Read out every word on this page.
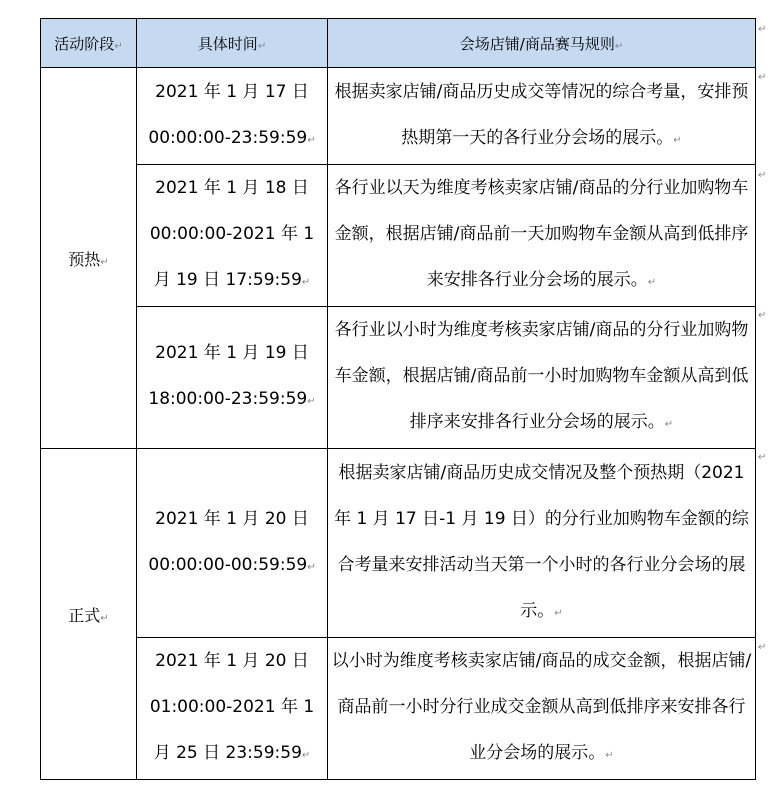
活动阶段↵	具体时间↵	会场店铺/商品赛马规则↵
预热↵	2021 年 1 月 17 日 00:00:00-23:59:59↵	根据卖家店铺/商品历史成交等情况的综合考量，安排预热期第一天的各行业分会场的展示。↵
	2021 年 1 月 18 日 00:00:00-2021 年 1 月 19 日 17:59:59↵	各行业以天为维度考核卖家店铺/商品的分行业加购物车金额，根据店铺/商品前一天加购物车金额从高到低排序来安排各行业分会场的展示。↵
	2021 年 1 月 19 日 18:00:00-23:59:59↵	各行业以小时为维度考核卖家店铺/商品的分行业加购物车金额，根据店铺/商品前一小时加购物车金额从高到低排序来安排各行业分会场的展示。↵
正式↵	2021 年 1 月 20 日 00:00:00-00:59:59↵	根据卖家店铺/商品历史成交情况及整个预热期（2021 年 1 月 17 日-1 月 19 日）的分行业加购物车金额的综合考量来安排活动当天第一个小时的各行业分会场的展示。↵
	2021 年 1 月 20 日 01:00:00-2021 年 1 月 25 日 23:59:59↵	以小时为维度考核卖家店铺/商品的成交金额，根据店铺/商品前一小时分行业成交金额从高到低排序来安排各行业分会场的展示。↵
↵
↵
↵
↵
↵
↵
